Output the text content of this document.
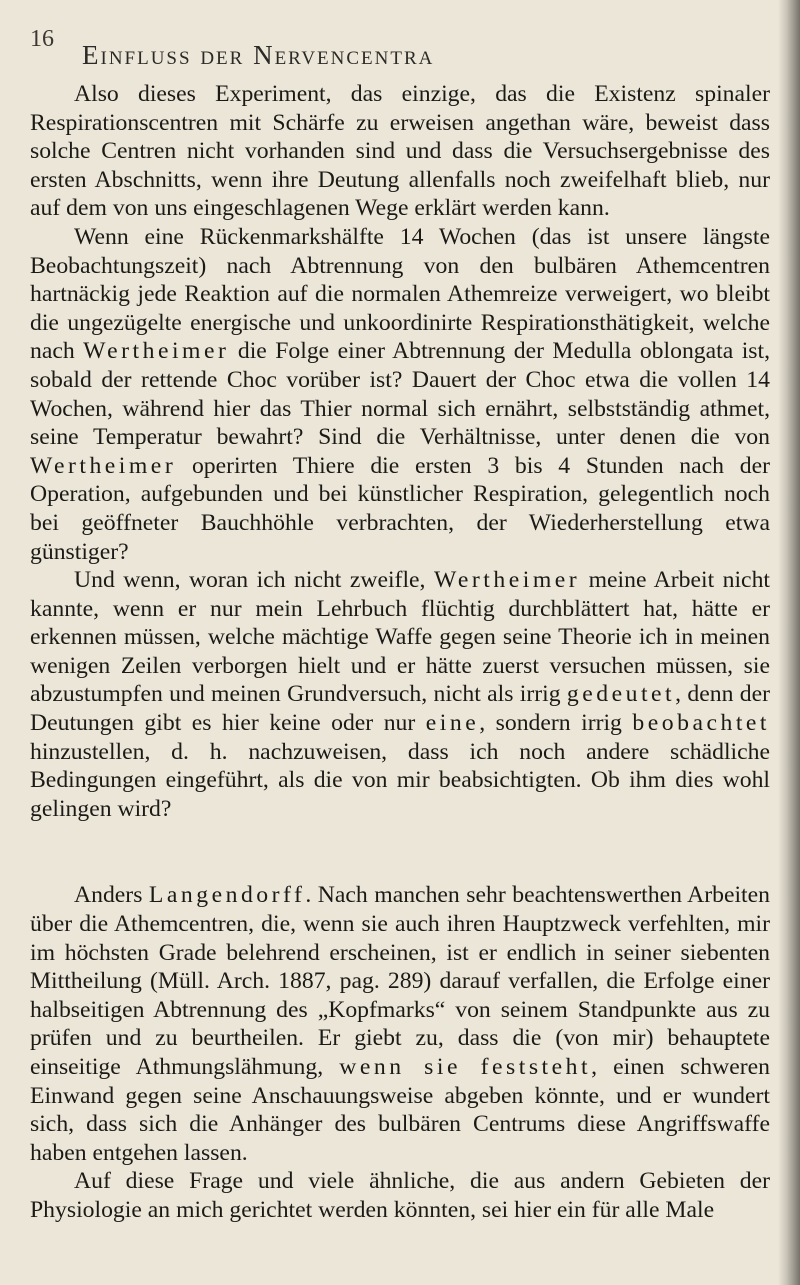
16
Einfluss der Nervencentra

Also dieses Experiment, das einzige, das die Existenz spinaler Respirationscentren mit Schärfe zu erweisen angethan wäre, beweist dass solche Centren nicht vorhanden sind und dass die Versuchsergebnisse des ersten Abschnitts, wenn ihre Deutung allenfalls noch zweifelhaft blieb, nur auf dem von uns eingeschlagenen Wege erklärt werden kann.

Wenn eine Rückenmarkshälfte 14 Wochen (das ist unsere längste Beobachtungszeit) nach Abtrennung von den bulbären Athemcentren hartnäckig jede Reaktion auf die normalen Athemreize verweigert, wo bleibt die ungezügelte energische und unkoordinirte Respirationsthätigkeit, welche nach Wertheimer die Folge einer Abtrennung der Medulla oblongata ist, sobald der rettende Choc vorüber ist? Dauert der Choc etwa die vollen 14 Wochen, während hier das Thier normal sich ernährt, selbstständig athmet, seine Temperatur bewahrt? Sind die Verhältnisse, unter denen die von Wertheimer operirten Thiere die ersten 3 bis 4 Stunden nach der Operation, aufgebunden und bei künstlicher Respiration, gelegentlich noch bei geöffneter Bauchhöhle verbrachten, der Wiederherstellung etwa günstiger?

Und wenn, woran ich nicht zweifle, Wertheimer meine Arbeit nicht kannte, wenn er nur mein Lehrbuch flüchtig durchblättert hat, hätte er erkennen müssen, welche mächtige Waffe gegen seine Theorie ich in meinen wenigen Zeilen verborgen hielt und er hätte zuerst versuchen müssen, sie abzustumpfen und meinen Grundversuch, nicht als irrig gedeutet, denn der Deutungen gibt es hier keine oder nur eine, sondern irrig beobachtet hinzustellen, d. h. nachzuweisen, dass ich noch andere schädliche Bedingungen eingeführt, als die von mir beabsichtigten. Ob ihm dies wohl gelingen wird?

Anders Langendorff. Nach manchen sehr beachtenswerthen Arbeiten über die Athemcentren, die, wenn sie auch ihren Hauptzweck verfehlten, mir im höchsten Grade belehrend erscheinen, ist er endlich in seiner siebenten Mittheilung (Müll. Arch. 1887, pag. 289) darauf verfallen, die Erfolge einer halbseitigen Abtrennung des „Kopfmarks“ von seinem Standpunkte aus zu prüfen und zu beurtheilen. Er giebt zu, dass die (von mir) behauptete einseitige Athmungslähmung, wenn sie feststeht, einen schweren Einwand gegen seine Anschauungsweise abgeben könnte, und er wundert sich, dass sich die Anhänger des bulbären Centrums diese Angriffswaffe haben entgehen lassen.

Auf diese Frage und viele ähnliche, die aus andern Gebieten der Physiologie an mich gerichtet werden könnten, sei hier ein für alle Male
